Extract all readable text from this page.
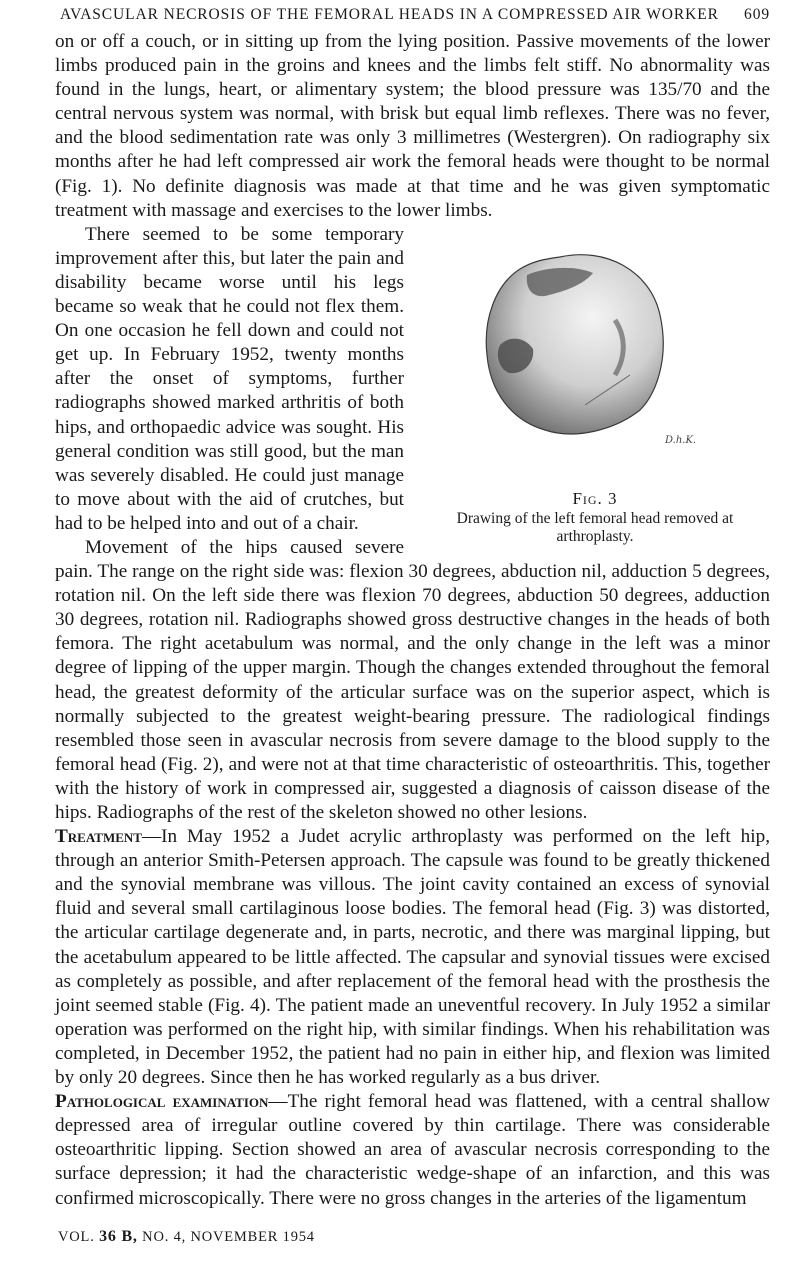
AVASCULAR NECROSIS OF THE FEMORAL HEADS IN A COMPRESSED AIR WORKER 609

on or off a couch, or in sitting up from the lying position. Passive movements of the lower limbs produced pain in the groins and knees and the limbs felt stiff. No abnormality was found in the lungs, heart, or alimentary system; the blood pressure was 135/70 and the central nervous system was normal, with brisk but equal limb reflexes. There was no fever, and the blood sedimentation rate was only 3 millimetres (Westergren). On radiography six months after he had left compressed air work the femoral heads were thought to be normal (Fig. 1). No definite diagnosis was made at that time and he was given symptomatic treatment with massage and exercises to the lower limbs.

D.h.K.
Fig. 3
Drawing of the left femoral head removed at arthroplasty.

There seemed to be some temporary improvement after this, but later the pain and disability became worse until his legs became so weak that he could not flex them. On one occasion he fell down and could not get up. In February 1952, twenty months after the onset of symptoms, further radiographs showed marked arthritis of both hips, and orthopaedic advice was sought. His general condition was still good, but the man was severely disabled. He could just manage to move about with the aid of crutches, but had to be helped into and out of a chair.

Movement of the hips caused severe pain. The range on the right side was: flexion 30 degrees, abduction nil, adduction 5 degrees, rotation nil. On the left side there was flexion 70 degrees, abduction 50 degrees, adduction 30 degrees, rotation nil. Radiographs showed gross destructive changes in the heads of both femora. The right acetabulum was normal, and the only change in the left was a minor degree of lipping of the upper margin. Though the changes extended throughout the femoral head, the greatest deformity of the articular surface was on the superior aspect, which is normally subjected to the greatest weight-bearing pressure. The radiological findings resembled those seen in avascular necrosis from severe damage to the blood supply to the femoral head (Fig. 2), and were not at that time characteristic of osteoarthritis. This, together with the history of work in compressed air, suggested a diagnosis of caisson disease of the hips. Radiographs of the rest of the skeleton showed no other lesions.

Treatment—In May 1952 a Judet acrylic arthroplasty was performed on the left hip, through an anterior Smith-Petersen approach. The capsule was found to be greatly thickened and the synovial membrane was villous. The joint cavity contained an excess of synovial fluid and several small cartilaginous loose bodies. The femoral head (Fig. 3) was distorted, the articular cartilage degenerate and, in parts, necrotic, and there was marginal lipping, but the acetabulum appeared to be little affected. The capsular and synovial tissues were excised as completely as possible, and after replacement of the femoral head with the prosthesis the joint seemed stable (Fig. 4). The patient made an uneventful recovery. In July 1952 a similar operation was performed on the right hip, with similar findings. When his rehabilitation was completed, in December 1952, the patient had no pain in either hip, and flexion was limited by only 20 degrees. Since then he has worked regularly as a bus driver.

Pathological examination—The right femoral head was flattened, with a central shallow depressed area of irregular outline covered by thin cartilage. There was considerable osteoarthritic lipping. Section showed an area of avascular necrosis corresponding to the surface depression; it had the characteristic wedge-shape of an infarction, and this was confirmed microscopically. There were no gross changes in the arteries of the ligamentum

VOL. 36 B, NO. 4, NOVEMBER 1954
